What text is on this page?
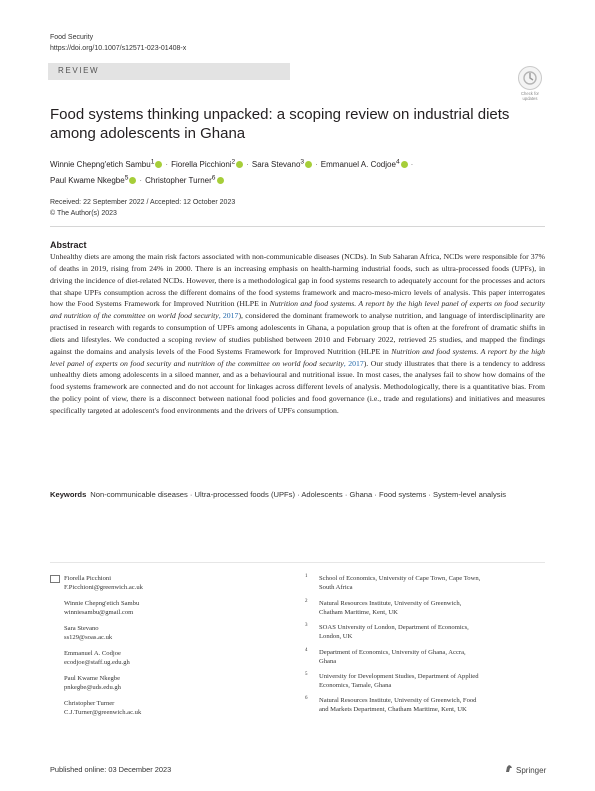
Food Security
https://doi.org/10.1007/s12571-023-01408-x
REVIEW
Check for
updates
Food systems thinking unpacked: a scoping review on industrial diets
among adolescents in Ghana
Winnie Chepng'etich Sambu$^1$ · Fiorella Picchioni$^2$ · Sara Stevano$^3$ · Emmanuel A. Codjoe$^4$ ·
Paul Kwame Nkegbe$^5$ · Christopher Turner$^6$
Received: 22 September 2022 / Accepted: 12 October 2023
© The Author(s) 2023
Abstract
Unhealthy diets are among the main risk factors associated with non-communicable diseases (NCDs). In Sub Saharan Africa, NCDs were responsible for 37% of deaths in 2019, rising from 24% in 2000. There is an increasing emphasis on health-harming industrial foods, such as ultra-processed foods (UPFs), in driving the incidence of diet-related NCDs. However, there is a methodological gap in food systems research to adequately account for the processes and actors that shape UPFs consumption across the different domains of the food systems framework and macro-meso-micro levels of analysis. This paper interrogates how the Food Systems Framework for Improved Nutrition (HLPE in Nutrition and food systems. A report by the high level panel of experts on food security and nutrition of the committee on world food security, 2017), considered the dominant framework to analyse nutrition, and language of interdisciplinarity are practised in research with regards to consumption of UPFs among adolescents in Ghana, a population group that is often at the forefront of dramatic shifts in diets and lifestyles. We conducted a scoping review of studies published between 2010 and February 2022, retrieved 25 studies, and mapped the findings against the domains and analysis levels of the Food Systems Framework for Improved Nutrition (HLPE in Nutrition and food systems. A report by the high level panel of experts on food security and nutrition of the committee on world food security, 2017). Our study illustrates that there is a tendency to address unhealthy diets among adolescents in a siloed manner, and as a behavioural and nutritional issue. In most cases, the analyses fail to show how domains of the food systems framework are connected and do not account for linkages across different levels of analysis. Methodologically, there is a quantitative bias. From the policy point of view, there is a disconnect between national food policies and food governance (i.e., trade and regulations) and initiatives and measures specifically targeted at adolescent's food environments and the drivers of UPFs consumption.
Keywords Non-communicable diseases · Ultra-processed foods (UPFs) · Adolescents · Ghana · Food systems · System-level analysis
Fiorella Picchioni
F.Picchioni@greenwich.ac.uk
Winnie Chepng'etich Sambu
winniesambu@gmail.com
Sara Stevano
ss129@soas.ac.uk
Emmanuel A. Codjoe
ecodjoe@staff.ug.edu.gh
Paul Kwame Nkegbe
pnkegbe@uds.edu.gh
Christopher Turner
C.J.Turner@greenwich.ac.uk
1 School of Economics, University of Cape Town, Cape Town,
South Africa
2 Natural Resources Institute, University of Greenwich,
Chatham Maritime, Kent, UK
3 SOAS University of London, Department of Economics,
London, UK
4 Department of Economics, University of Ghana, Accra,
Ghana
5 University for Development Studies, Department of Applied
Economics, Tamale, Ghana
6 Natural Resources Institute, University of Greenwich, Food
and Markets Department, Chatham Maritime, Kent, UK
Published online: 03 December 2023	Springer
